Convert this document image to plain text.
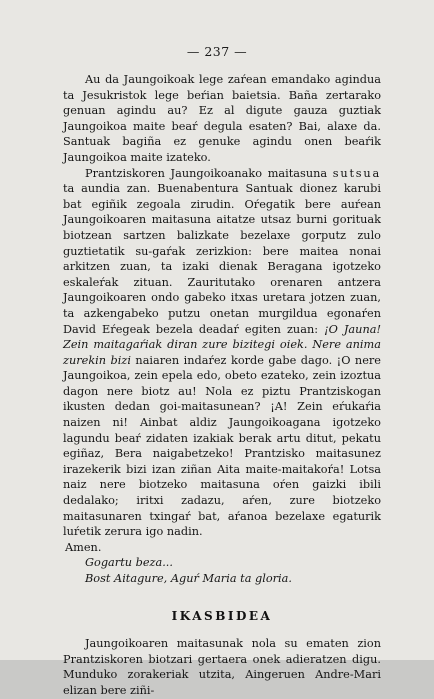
— 237 —

Au da Jaungoikoak lege zaŕean emandako agindua ta Jesukristok lege beŕian baietsia. Baña zertarako genuan agindu au? Ez al digute gauza guztiak Jaungoikoa maite beaŕ degula esaten? Bai, alaxe da. Santuak bagiña ez genuke agindu onen beaŕik Jaungoikoa maite izateko.

Prantziskoren Jaungoikoanako maitasuna sutsua ta aundia zan. Buenabentura Santuak dionez karubi bat egiñik zegoala zirudin. Oŕegatik bere auŕean Jaungoikoaren maitasuna aitatze utsaz burni gorituak biotzean sartzen balizkate bezelaxe gorputz zulo guztietatik su-gaŕak zerizkion: bere maitea nonai arkitzen zuan, ta izaki dienak Beragana igotzeko eskaleŕak zituan. Zauritutako orenaren antzera Jaungoikoaren ondo gabeko itxas uretara jotzen zuan, ta azkengabeko putzu onetan murgildua egonaŕen David Eŕegeak bezela deadaŕ egiten zuan: ¡O Jauna! Zein maitagaŕiak diran zure bizitegi oiek. Nere anima zurekin bizi naiaren indaŕez korde gabe dago. ¡O nere Jaungoikoa, zein epela edo, obeto ezateko, zein izoztua dagon nere biotz au! Nola ez piztu Prantziskogan ikusten dedan goi-maitasunean? ¡A! Zein eŕukaŕia naizen ni! Ainbat aldiz Jaungoikoagana igotzeko lagundu beaŕ zidaten izakiak berak artu ditut, pekatu egiñaz, Bera naigabetzeko! Prantzisko maitasunez irazekerik bizi izan ziñan Aita maite-maitakoŕa! Lotsa naiz nere biotzeko maitasuna oŕen gaizki ibili dedalako; iritxi zadazu, aŕen, zure biotzeko maitasunaren txingaŕ bat, aŕanoa bezelaxe egaturik luŕetik zerura igo nadin.

Amen.

Gogartu beza...

Bost Aitagure, Aguŕ Maria ta gloria.

IKASBIDEA

Jaungoikoaren maitasunak nola su ematen zion Prantziskoren biotzari gertaera onek adieratzen digu. Munduko zorakeriak utzita, Aingeruen Andre-Mari elizan bere ziñi-
